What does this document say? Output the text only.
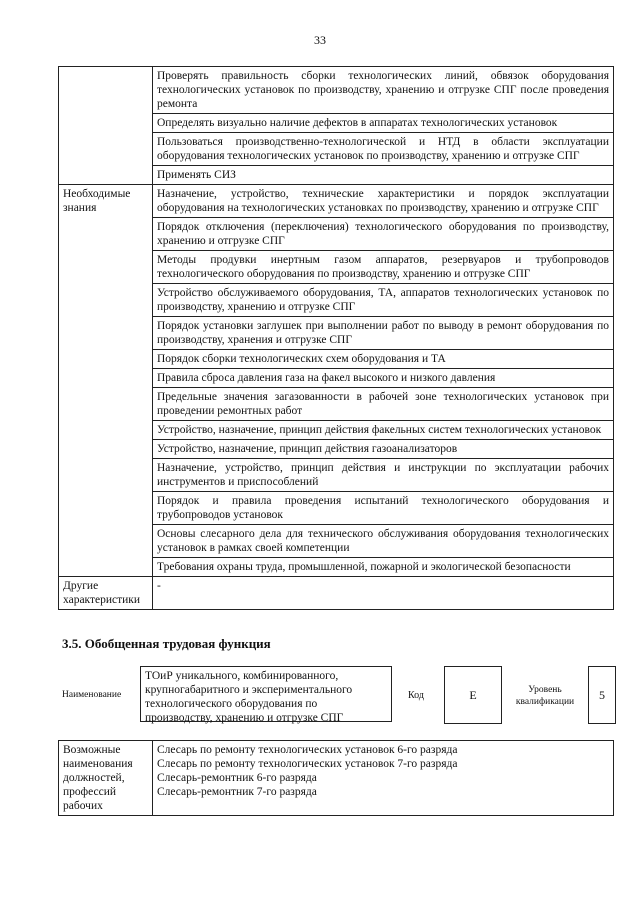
33
	Проверять правильность сборки технологических линий, обвязок оборудования технологических установок по производству, хранению и отгрузке СПГ после проведения ремонта
	Определять визуально наличие дефектов в аппаратах технологических установок
	Пользоваться производственно-технологической и НТД в области эксплуатации оборудования технологических установок по производству, хранению и отгрузке СПГ
	Применять СИЗ
Необходимые знания	Назначение, устройство, технические характеристики и порядок эксплуатации оборудования на технологических установках по производству, хранению и отгрузке СПГ
	Порядок отключения (переключения) технологического оборудования по производству, хранению и отгрузке СПГ
	Методы продувки инертным газом аппаратов, резервуаров и трубопроводов технологического оборудования по производству, хранению и отгрузке СПГ
	Устройство обслуживаемого оборудования, ТА, аппаратов технологических установок по производству, хранению и отгрузке СПГ
	Порядок установки заглушек при выполнении работ по выводу в ремонт оборудования по производству, хранения и отгрузке СПГ
	Порядок сборки технологических схем оборудования и ТА
	Правила сброса давления газа на факел высокого и низкого давления
	Предельные значения загазованности в рабочей зоне технологических установок при проведении ремонтных работ
	Устройство, назначение, принцип действия факельных систем технологических установок
	Устройство, назначение, принцип действия газоанализаторов
	Назначение, устройство, принцип действия и инструкции по эксплуатации рабочих инструментов и приспособлений
	Порядок и правила проведения испытаний технологического оборудования и трубопроводов установок
	Основы слесарного дела для технического обслуживания оборудования технологических установок в рамках своей компетенции
	Требования охраны труда, промышленной, пожарной и экологической безопасности
Другие характеристики	-
3.5. Обобщенная трудовая функция
Наименование
ТОиР уникального, комбинированного, крупногабаритного и экспериментального технологического оборудования по производству, хранению и отгрузке СПГ
Код	E	Уровень квалификации
5
Возможные наименования должностей, профессий рабочих	
Слесарь по ремонту технологических установок 6-го разряда
Слесарь по ремонту технологических установок 7-го разряда
Слесарь-ремонтник 6-го разряда
Слесарь-ремонтник 7-го разряда
